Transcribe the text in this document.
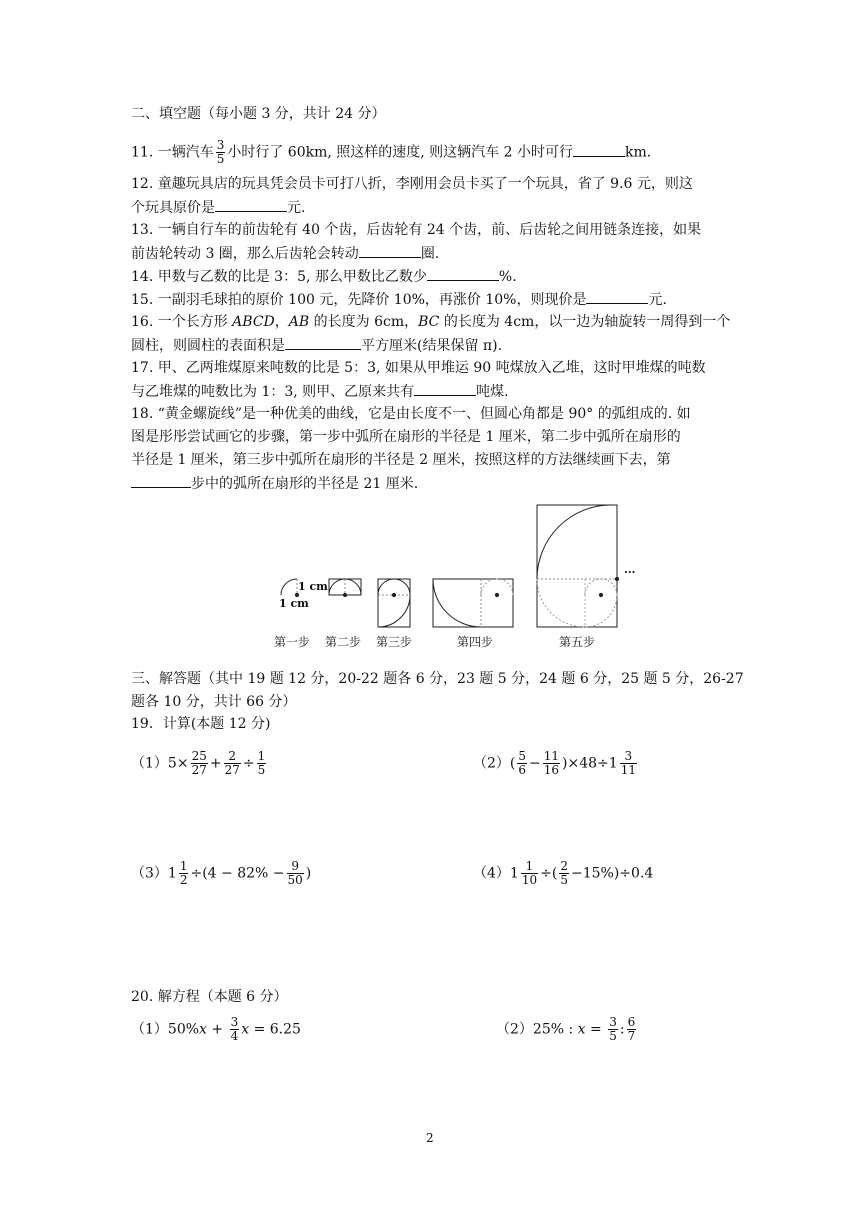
二、填空题（每小题 3 分，共计 24 分）
11. 一辆汽车 $\frac{3}{5}$ 小时行了 60km, 照这样的速度, 则这辆汽车 2 小时可行	km.
12. 童趣玩具店的玩具凭会员卡可打八折，李刚用会员卡买了一个玩具，省了 9.6 元，则这
个玩具原价是	元.
13. 一辆自行车的前齿轮有 40 个齿，后齿轮有 24 个齿，前、后齿轮之间用链条连接，如果
前齿轮转动 3 圈，那么后齿轮会转动	圈.
14. 甲数与乙数的比是 3：5, 那么甲数比乙数少	%.
15. 一副羽毛球拍的原价 100 元，先降价 10%，再涨价 10%，则现价是	元.
16. 一个长方形 ABCD，AB 的长度为 6cm，BC 的长度为 4cm，以一边为轴旋转一周得到一个
圆柱，则圆柱的表面积是	平方厘米(结果保留 π).
17. 甲、乙两堆煤原来吨数的比是 5：3, 如果从甲堆运 90 吨煤放入乙堆，这时甲堆煤的吨数
与乙堆煤的吨数比为 1：3, 则甲、乙原来共有	吨煤.
18. “黄金螺旋线”是一种优美的曲线，它是由长度不一、但圆心角都是 90° 的弧组成的. 如
图是彤彤尝试画它的步骤，第一步中弧所在扇形的半径是 1 厘米，第二步中弧所在扇形的
半径是 1 厘米，第三步中弧所在扇形的半径是 2 厘米，按照这样的方法继续画下去，第
步中的弧所在扇形的半径是 21 厘米.
1 cm
1 cm
···
第一步 第二步 第三步	第四步	第五步
三、解答题（其中 19 题 12 分，20-22 题各 6 分，23 题 5 分，24 题 6 分，25 题 5 分，26-27
题各 10 分，共计 66 分）
19．计算(本题 12 分)
$(1)5\times \frac{25}{27} + \frac{2}{27} \div \frac{1}{5}$	$(2)( \frac{5}{6} - \frac{11}{16} )\times 48\div 1 \frac{3}{11}$
$(3)1 \frac{1}{2} \div(4 - 82\% - \frac{9}{50}$ )	$(4)1 \frac{1}{10}$ ÷( $\frac{2}{5} -15\%)\div 0.4$
20. 解方程（本题 6 分）
$(1)50\%x + \frac{3}{4}$ x = 6.25	（2）25% : $x = \frac{3}{5}$ : $\frac{6}{7}$
2
